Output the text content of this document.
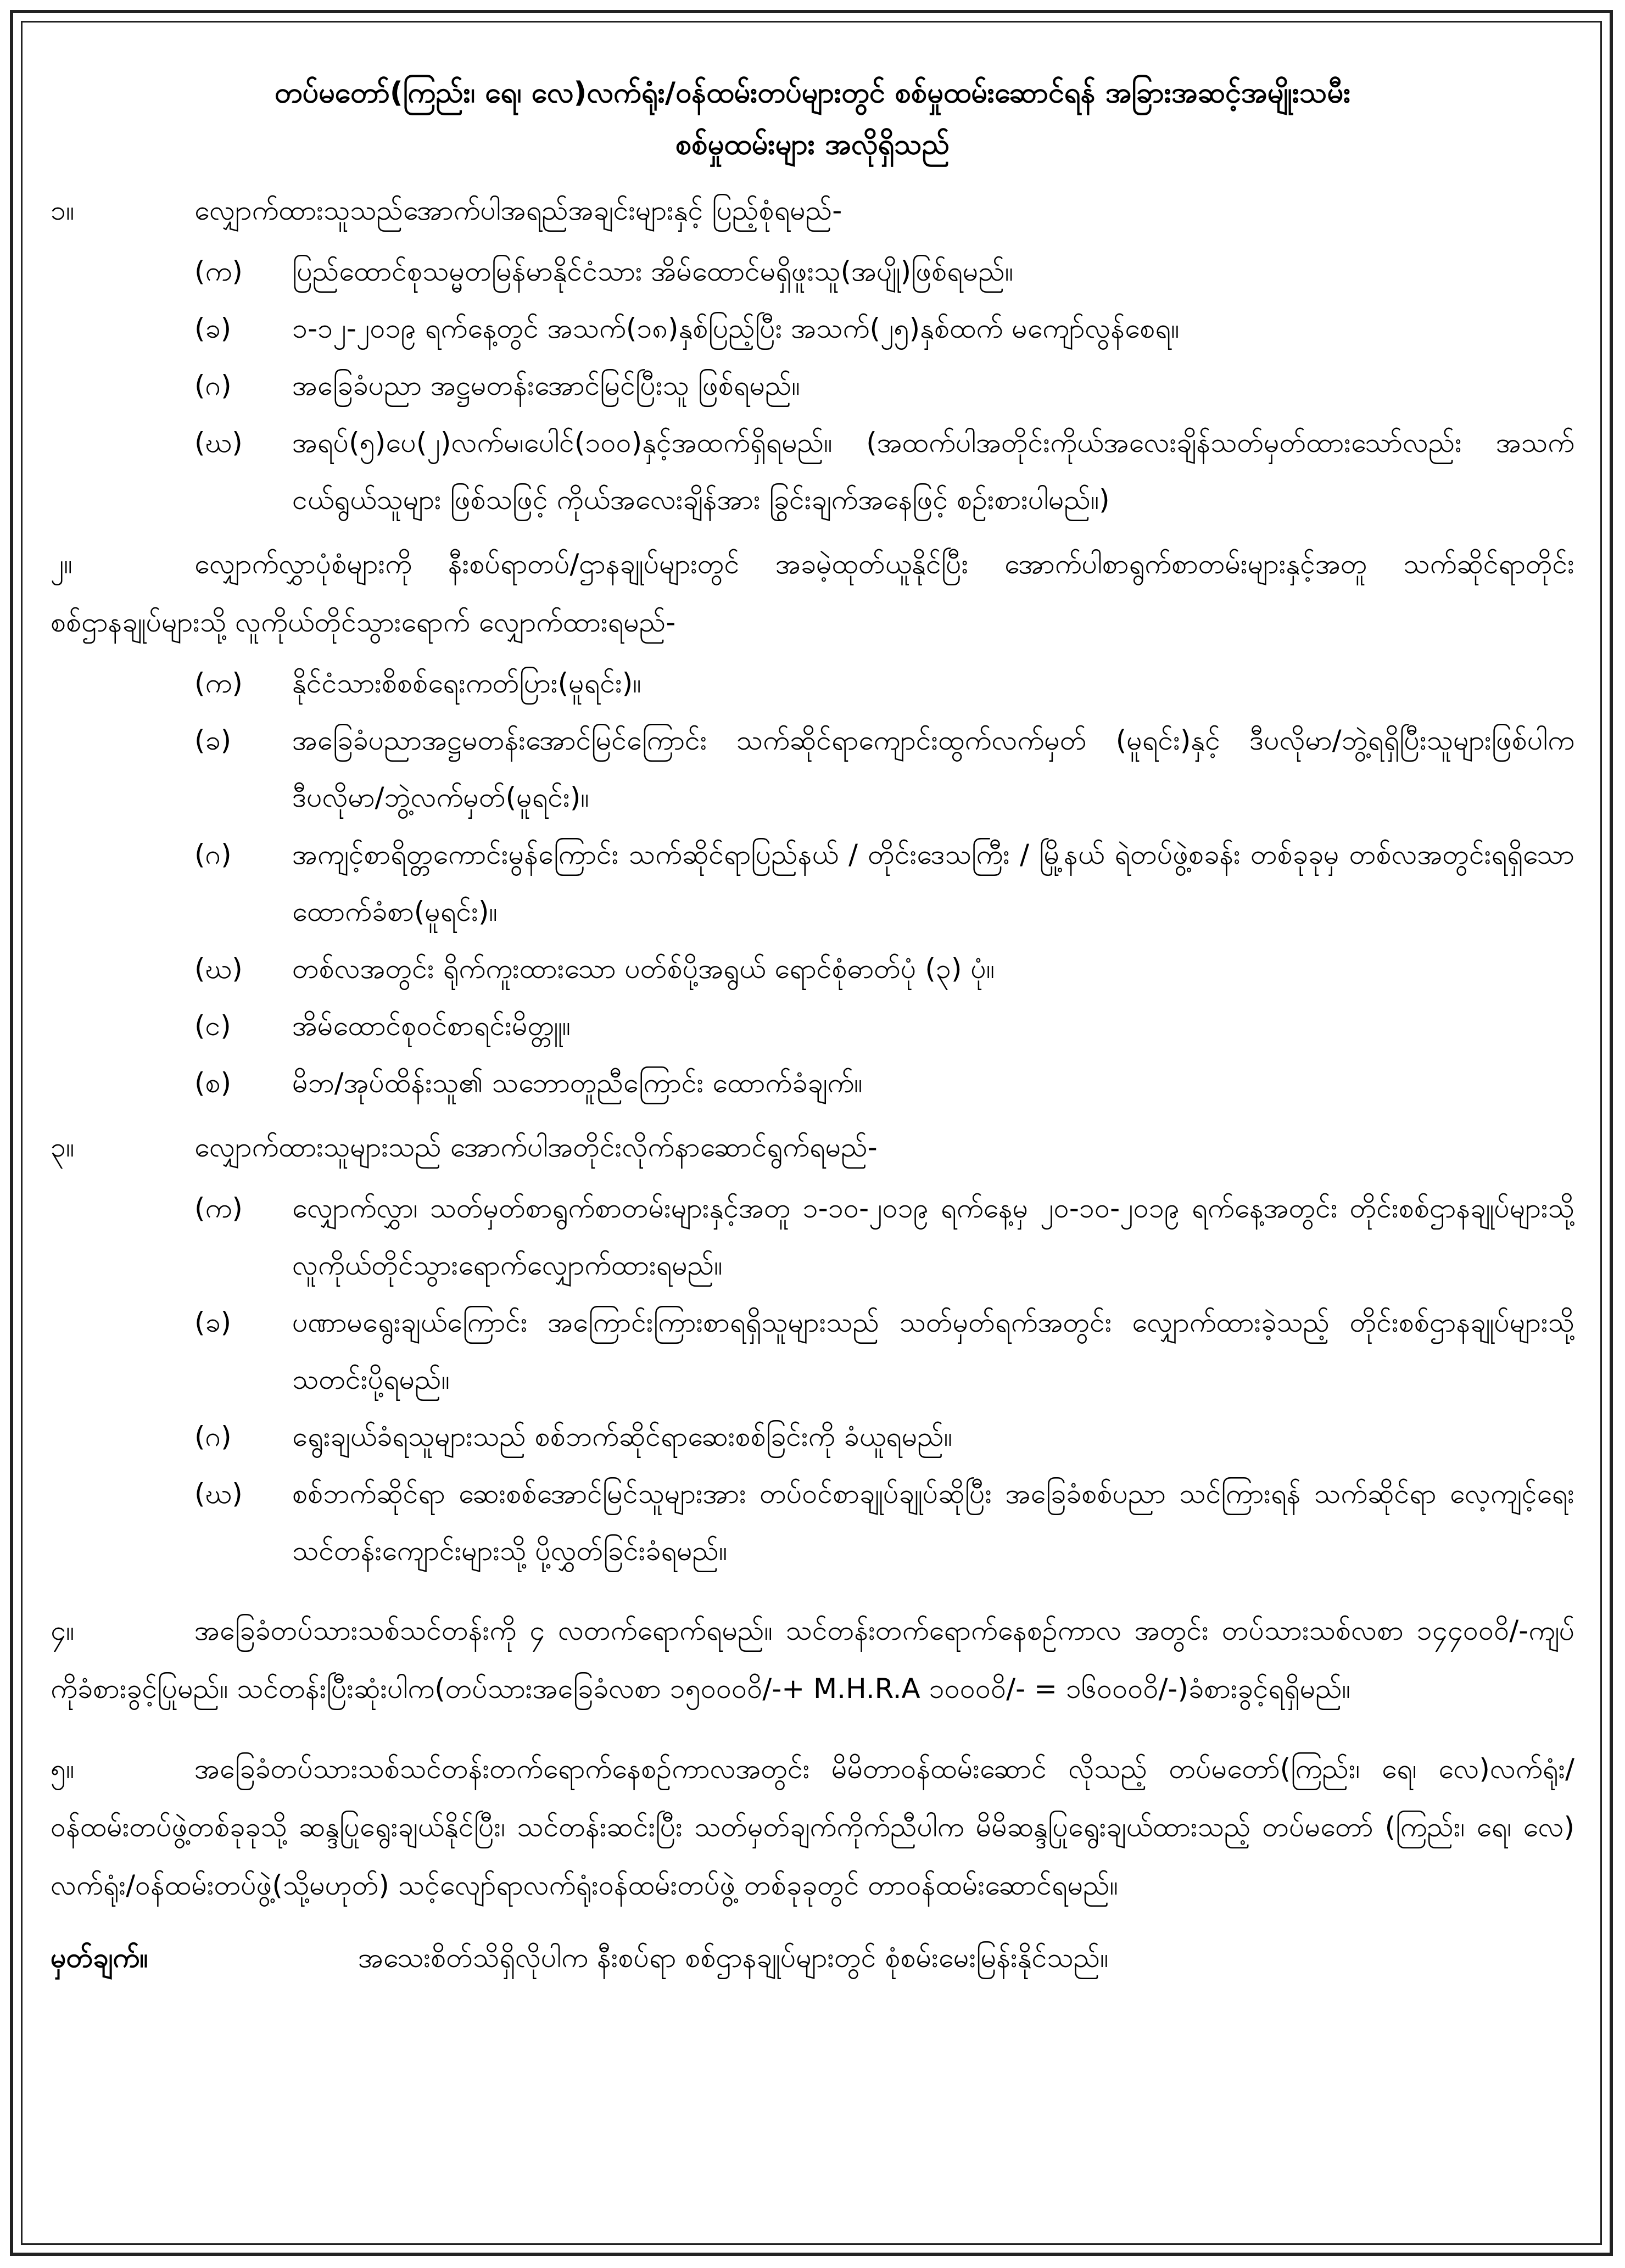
တပ်မတော်(ကြည်း၊ ရေ၊ လေ)လက်ရုံး/ဝန်ထမ်းတပ်များတွင် စစ်မှုထမ်းဆောင်ရန် အခြားအဆင့်အမျိုးသမီး
စစ်မှုထမ်းများ အလိုရှိသည်
၁။	လျှောက်ထားသူသည်အောက်ပါအရည်အချင်းများနှင့် ပြည့်စုံရမည်-
(က) ပြည်ထောင်စုသမ္မတမြန်မာနိုင်ငံသား အိမ်ထောင်မရှိဖူးသူ(အပျို)ဖြစ်ရမည်။
(ခ) ၁-၁၂-၂၀၁၉ ရက်နေ့တွင် အသက်(၁၈)နှစ်ပြည့်ပြီး အသက်(၂၅)နှစ်ထက် မကျော်လွန်စေရ။
(ဂ) အခြေခံပညာ အဋ္ဌမတန်းအောင်မြင်ပြီးသူ ဖြစ်ရမည်။
(ဃ) အရပ်(၅)ပေ(၂)လက်မ၊ပေါင်(၁၀၀)နှင့်အထက်ရှိရမည်။ (အထက်ပါအတိုင်းကိုယ်အလေးချိန်သတ်မှတ်ထားသော်လည်း အသက်ငယ်ရွယ်သူများ ဖြစ်သဖြင့် ကိုယ်အလေးချိန်အား ခြွင်းချက်အနေဖြင့် စဉ်းစားပါမည်။)
၂။	လျှောက်လွှာပုံစံများကို နီးစပ်ရာတပ်/ဌာနချုပ်များတွင် အခမဲ့ထုတ်ယူနိုင်ပြီး အောက်ပါစာရွက်စာတမ်းများနှင့်အတူ သက်ဆိုင်ရာတိုင်းစစ်ဌာနချုပ်များသို့ လူကိုယ်တိုင်သွားရောက် လျှောက်ထားရမည်-
(က) နိုင်ငံသားစိစစ်ရေးကတ်ပြား(မူရင်း)။
(ခ) အခြေခံပညာအဋ္ဌမတန်းအောင်မြင်ကြောင်း သက်ဆိုင်ရာကျောင်းထွက်လက်မှတ် (မူရင်း)နှင့် ဒီပလိုမာ/ဘွဲ့ရရှိပြီးသူများဖြစ်ပါက ဒီပလိုမာ/ဘွဲ့လက်မှတ်(မူရင်း)။
(ဂ) အကျင့်စာရိတ္တကောင်းမွန်ကြောင်း သက်ဆိုင်ရာပြည်နယ် / တိုင်းဒေသကြီး / မြို့နယ် ရဲတပ်ဖွဲ့စခန်း တစ်ခုခုမှ တစ်လအတွင်းရရှိသော ထောက်ခံစာ(မူရင်း)။
(ဃ) တစ်လအတွင်း ရိုက်ကူးထားသော ပတ်စ်ပို့အရွယ် ရောင်စုံဓာတ်ပုံ (၃) ပုံ။
(င) အိမ်ထောင်စုဝင်စာရင်းမိတ္တူ။
(စ) မိဘ/အုပ်ထိန်းသူ၏ သဘောတူညီကြောင်း ထောက်ခံချက်။
၃။	လျှောက်ထားသူများသည် အောက်ပါအတိုင်းလိုက်နာဆောင်ရွက်ရမည်-
(က) လျှောက်လွှာ၊ သတ်မှတ်စာရွက်စာတမ်းများနှင့်အတူ ၁-၁၀-၂၀၁၉ ရက်နေ့မှ ၂၀-၁၀-၂၀၁၉ ရက်နေ့အတွင်း တိုင်းစစ်ဌာနချုပ်များသို့ လူကိုယ်တိုင်သွားရောက်လျှောက်ထားရမည်။
(ခ) ပဏာမရွေးချယ်ကြောင်း အကြောင်းကြားစာရရှိသူများသည် သတ်မှတ်ရက်အတွင်း လျှောက်ထားခဲ့သည့် တိုင်းစစ်ဌာနချုပ်များသို့ သတင်းပို့ရမည်။
(ဂ) ရွေးချယ်ခံရသူများသည် စစ်ဘက်ဆိုင်ရာဆေးစစ်ခြင်းကို ခံယူရမည်။
(ဃ) စစ်ဘက်ဆိုင်ရာ ဆေးစစ်အောင်မြင်သူများအား တပ်ဝင်စာချုပ်ချုပ်ဆိုပြီး အခြေခံစစ်ပညာ သင်ကြားရန် သက်ဆိုင်ရာ လေ့ကျင့်ရေးသင်တန်းကျောင်းများသို့ ပို့လွှတ်ခြင်းခံရမည်။
၄။	အခြေခံတပ်သားသစ်သင်တန်းကို ၄ လတက်ရောက်ရမည်။ သင်တန်းတက်ရောက်နေစဉ်ကာလ အတွင်း တပ်သားသစ်လစာ ၁၄၄၀၀၀ိ/-ကျပ်ကိုခံစားခွင့်ပြုမည်။ သင်တန်းပြီးဆုံးပါက(တပ်သားအခြေခံလစာ ၁၅၀၀၀၀ိ/-+ M.H.R.A ၁၀၀၀၀ိ/- = ၁၆၀၀၀၀ိ/-)ခံစားခွင့်ရရှိမည်။
၅။	အခြေခံတပ်သားသစ်သင်တန်းတက်ရောက်နေစဉ်ကာလအတွင်း မိမိတာဝန်ထမ်းဆောင် လိုသည့် တပ်မတော်(ကြည်း၊ ရေ၊ လေ)လက်ရုံး/ဝန်ထမ်းတပ်ဖွဲ့တစ်ခုခုသို့ ဆန္ဒပြုရွေးချယ်နိုင်ပြီး၊ သင်တန်းဆင်းပြီး သတ်မှတ်ချက်ကိုက်ညီပါက မိမိဆန္ဒပြုရွေးချယ်ထားသည့် တပ်မတော် (ကြည်း၊ ရေ၊ လေ) လက်ရုံး/ဝန်ထမ်းတပ်ဖွဲ့(သို့မဟုတ်) သင့်လျော်ရာလက်ရုံးဝန်ထမ်းတပ်ဖွဲ့ တစ်ခုခုတွင် တာဝန်ထမ်းဆောင်ရမည်။
မှတ်ချက်။	အသေးစိတ်သိရှိလိုပါက နီးစပ်ရာ စစ်ဌာနချုပ်များတွင် စုံစမ်းမေးမြန်းနိုင်သည်။
